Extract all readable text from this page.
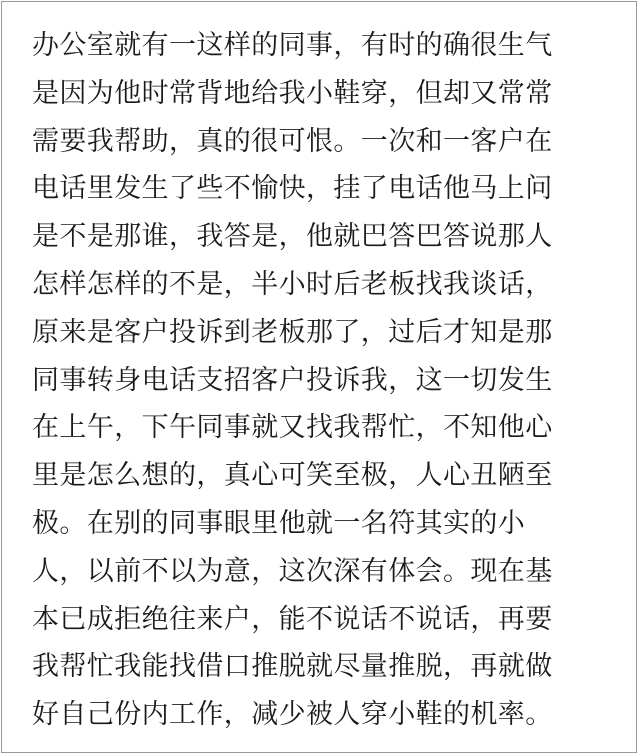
办公室就有一这样的同事，有时的确很生气
是因为他时常背地给我小鞋穿，但却又常常
需要我帮助，真的很可恨。一次和一客户在
电话里发生了些不愉快，挂了电话他马上问
是不是那谁，我答是，他就巴答巴答说那人
怎样怎样的不是，半小时后老板找我谈话，
原来是客户投诉到老板那了，过后才知是那
同事转身电话支招客户投诉我，这一切发生
在上午，下午同事就又找我帮忙，不知他心
里是怎么想的，真心可笑至极，人心丑陋至
极。在别的同事眼里他就一名符其实的小
人，以前不以为意，这次深有体会。现在基
本已成拒绝往来户，能不说话不说话，再要
我帮忙我能找借口推脱就尽量推脱，再就做
好自己份内工作，减少被人穿小鞋的机率。
